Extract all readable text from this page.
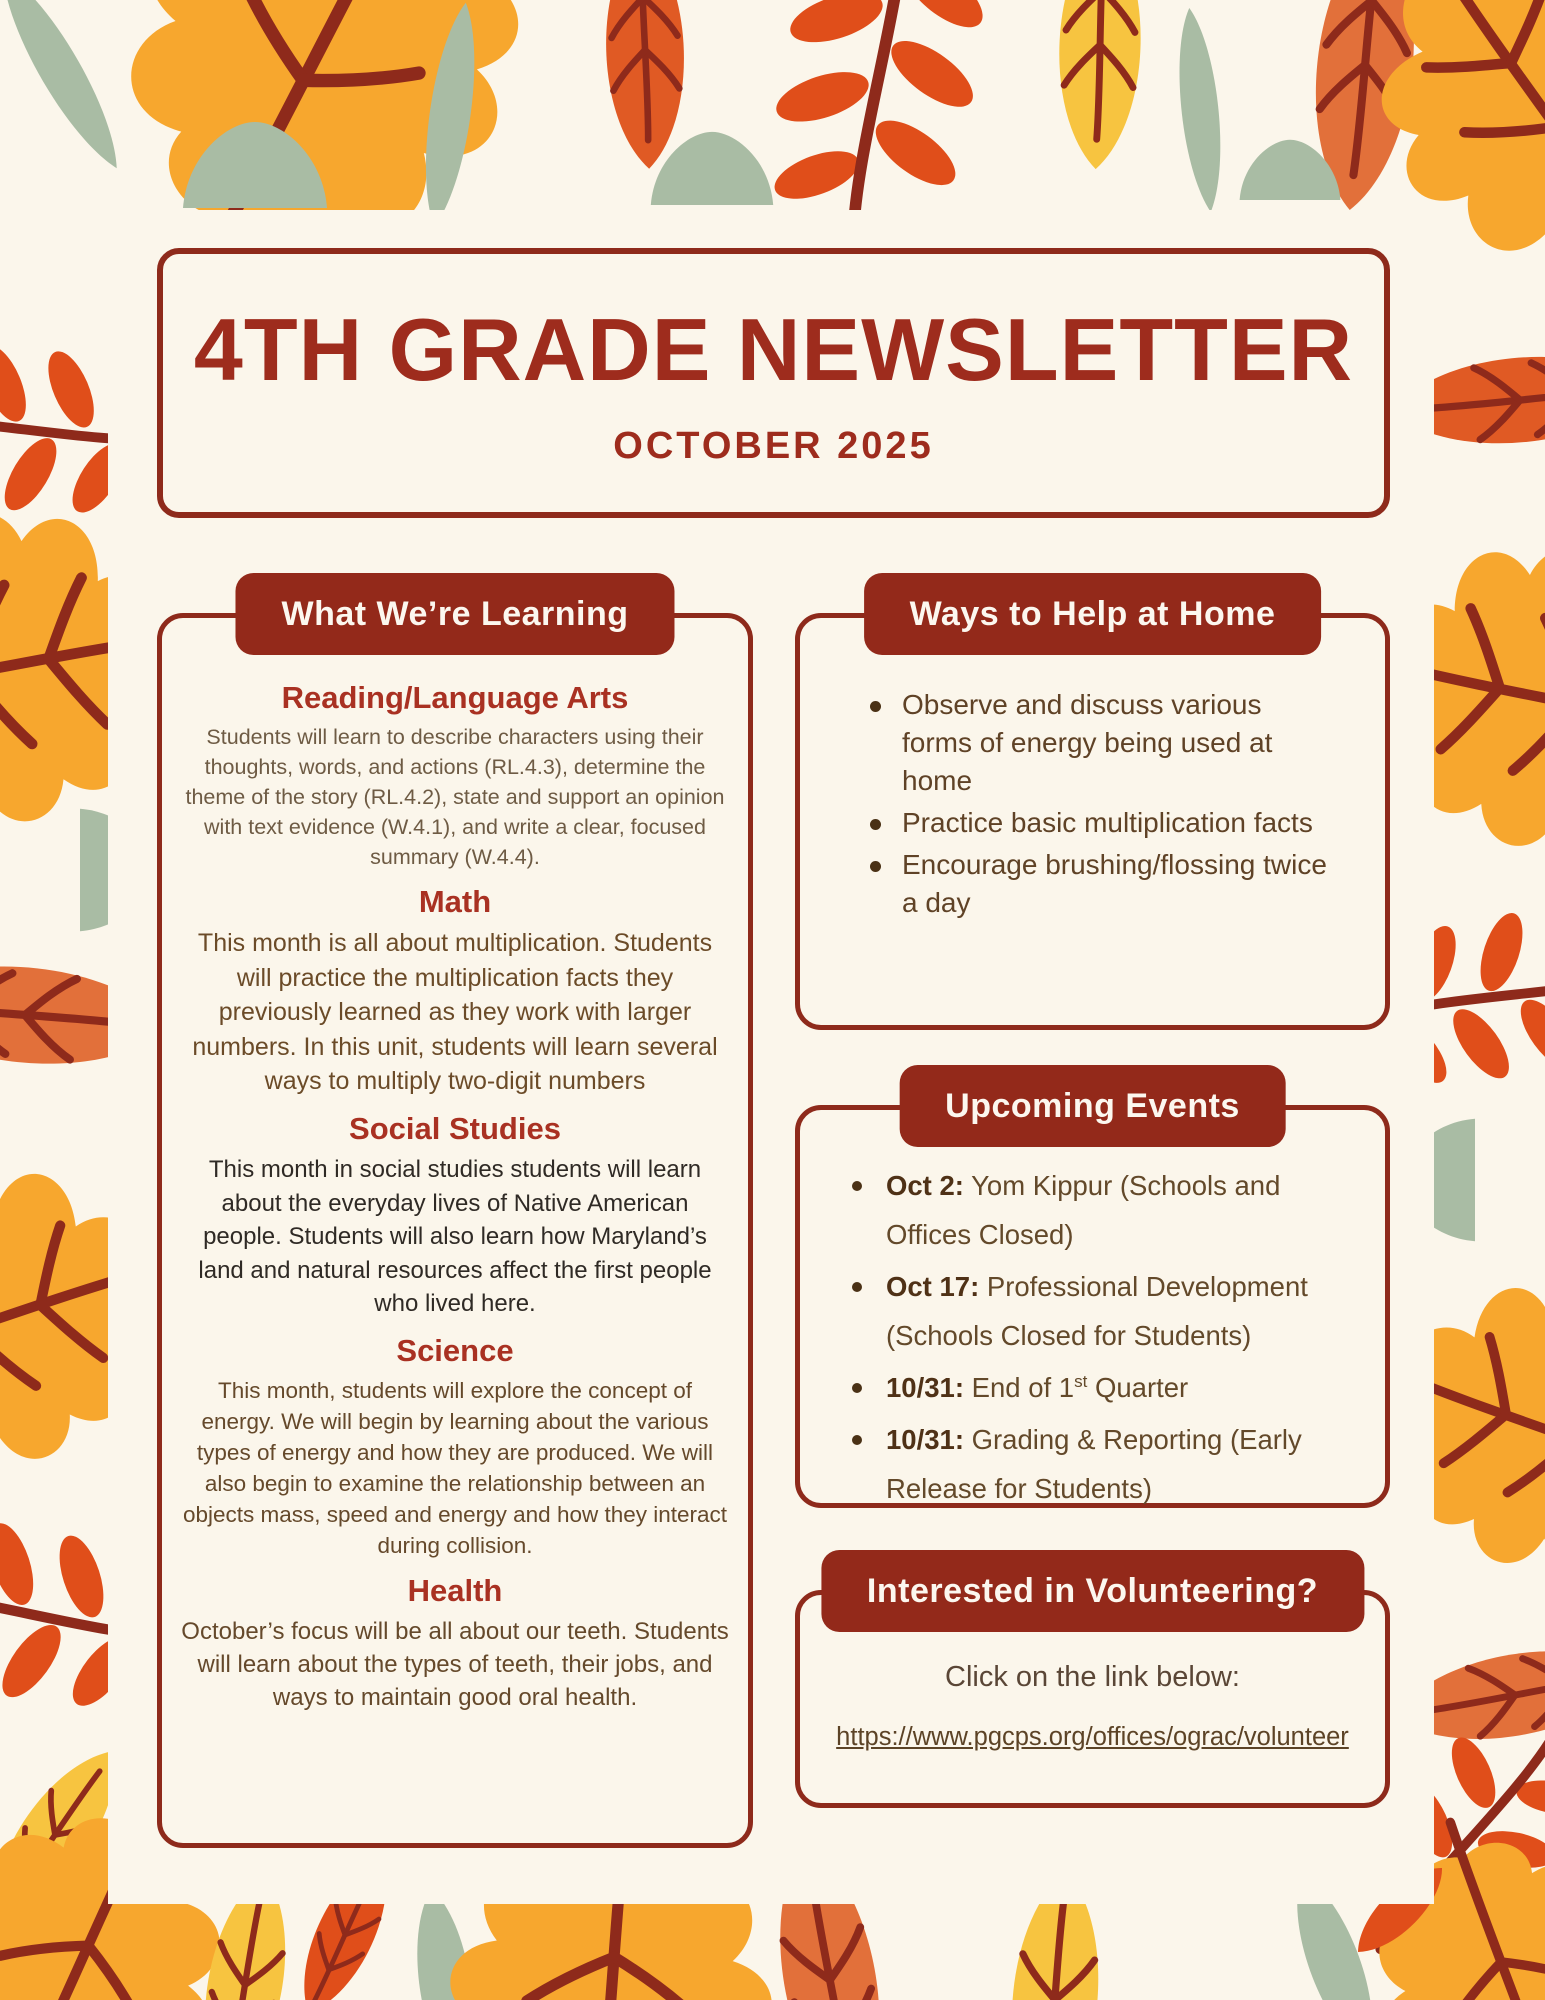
4TH GRADE NEWSLETTER

OCTOBER 2025

What We’re Learning
Reading/Language Arts

Students will learn to describe characters using their thoughts, words, and actions (RL.4.3), determine the theme of the story (RL.4.2), state and support an opinion with text evidence (W.4.1), and write a clear, focused summary (W.4.4).

Math

This month is all about multiplication. Students will practice the multiplication facts they previously learned as they work with larger numbers. In this unit, students will learn several ways to multiply two-digit numbers

Social Studies

This month in social studies students will learn about the everyday lives of Native American people. Students will also learn how Maryland’s land and natural resources affect the first people who lived here.

Science

This month, students will explore the concept of energy. We will begin by learning about the various types of energy and how they are produced. We will also begin to examine the relationship between an objects mass, speed and energy and how they interact during collision.

Health

October’s focus will be all about our teeth. Students will learn about the types of teeth, their jobs, and ways to maintain good oral health.

Ways to Help at Home
Observe and discuss various forms of energy being used at home
Practice basic multiplication facts
Encourage brushing/flossing twice a day
Upcoming Events
Oct 2: Yom Kippur (Schools and Offices Closed)
Oct 17: Professional Development (Schools Closed for Students)
10/31: End of 1st Quarter
10/31: Grading & Reporting (Early Release for Students)
Interested in Volunteering?

Click on the link below:

https://www.pgcps.org/offices/ograc/volunteer
